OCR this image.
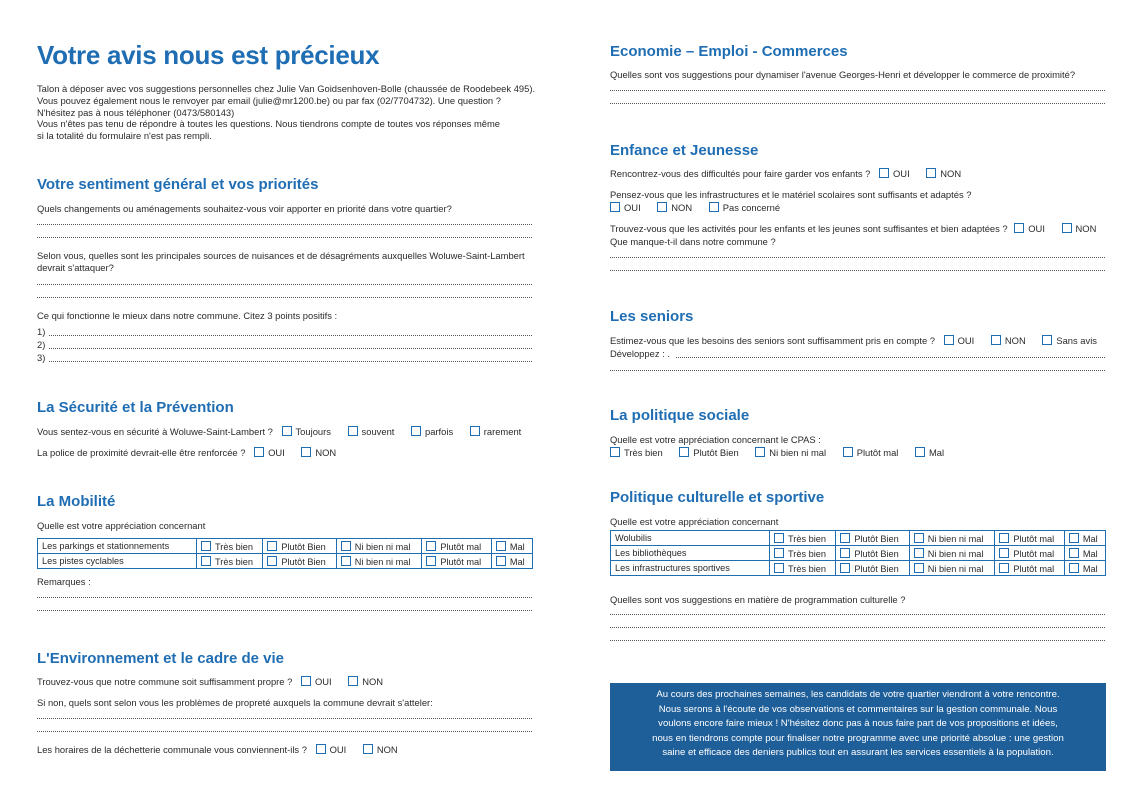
Votre avis nous est précieux

Talon à déposer avec vos suggestions personnelles chez Julie Van Goidsenhoven-Bolle (chaussée de Roodebeek 495).

Vous pouvez également nous le renvoyer par email (julie@mr1200.be) ou par fax (02/7704732). Une question ?

N'hésitez pas à nous téléphoner (0473/580143)

Vous n'êtes pas tenu de répondre à toutes les questions. Nous tiendrons compte de toutes vos réponses même

si la totalité du formulaire n'est pas rempli.

Votre sentiment général et vos priorités

Quels changements ou aménagements souhaitez-vous voir apporter en priorité dans votre quartier?

Selon vous, quelles sont les principales sources de nuisances et de désagréments auxquelles Woluwe-Saint-Lambert devrait s'attaquer?

Ce qui fonctionne le mieux dans notre commune. Citez 3 points positifs :

1)
2)
3)
La Sécurité et la Prévention

Vous sentez-vous en sécurité à Woluwe-Saint-Lambert ? Toujours	souvent	parfois	rarement

La police de proximité devrait-elle être renforcée ? OUI	NON

La Mobilité

Quelle est votre appréciation concernant

Les parkings et stationnements	Très bien	Plutôt Bien	Ni bien ni mal	Plutôt mal	Mal
Les pistes cyclables	Très bien	Plutôt Bien	Ni bien ni mal	Plutôt mal	Mal

Remarques :

L'Environnement et le cadre de vie

Trouvez-vous que notre commune soit suffisamment propre ? OUI	NON

Si non, quels sont selon vous les problèmes de propreté auxquels la commune devrait s'atteler:

Les horaires de la déchetterie communale vous conviennent-ils ? OUI	NON

Economie – Emploi - Commerces

Quelles sont vos suggestions pour dynamiser l'avenue Georges-Henri et développer le commerce de proximité?

Enfance et Jeunesse

Rencontrez-vous des difficultés pour faire garder vos enfants ? OUI	NON

Pensez-vous que les infrastructures et le matériel scolaires sont suffisants et adaptés ?

OUI	NON	Pas concerné

Trouvez-vous que les activités pour les enfants et les jeunes sont suffisantes et bien adaptées ? OUI	NON

Que manque-t-il dans notre commune ?

Les seniors

Estimez-vous que les besoins des seniors sont suffisamment pris en compte ? OUI	NON	Sans avis

Développez : .

La politique sociale

Quelle est votre appréciation concernant le CPAS :

Très bien	Plutôt Bien	Ni bien ni mal	Plutôt mal	Mal

Politique culturelle et sportive

Quelle est votre appréciation concernant

Wolubilis	Très bien	Plutôt Bien	Ni bien ni mal	Plutôt mal	Mal
Les bibliothèques	Très bien	Plutôt Bien	Ni bien ni mal	Plutôt mal	Mal
Les infrastructures sportives	Très bien	Plutôt Bien	Ni bien ni mal	Plutôt mal	Mal

Quelles sont vos suggestions en matière de programmation culturelle ?

Au cours des prochaines semaines, les candidats de votre quartier viendront à votre rencontre.
Nous serons à l'écoute de vos observations et commentaires sur la gestion communale. Nous
voulons encore faire mieux ! N'hésitez donc pas à nous faire part de vos propositions et idées,
nous en tiendrons compte pour finaliser notre programme avec une priorité absolue : une gestion
saine et efficace des deniers publics tout en assurant les services essentiels à la population.
